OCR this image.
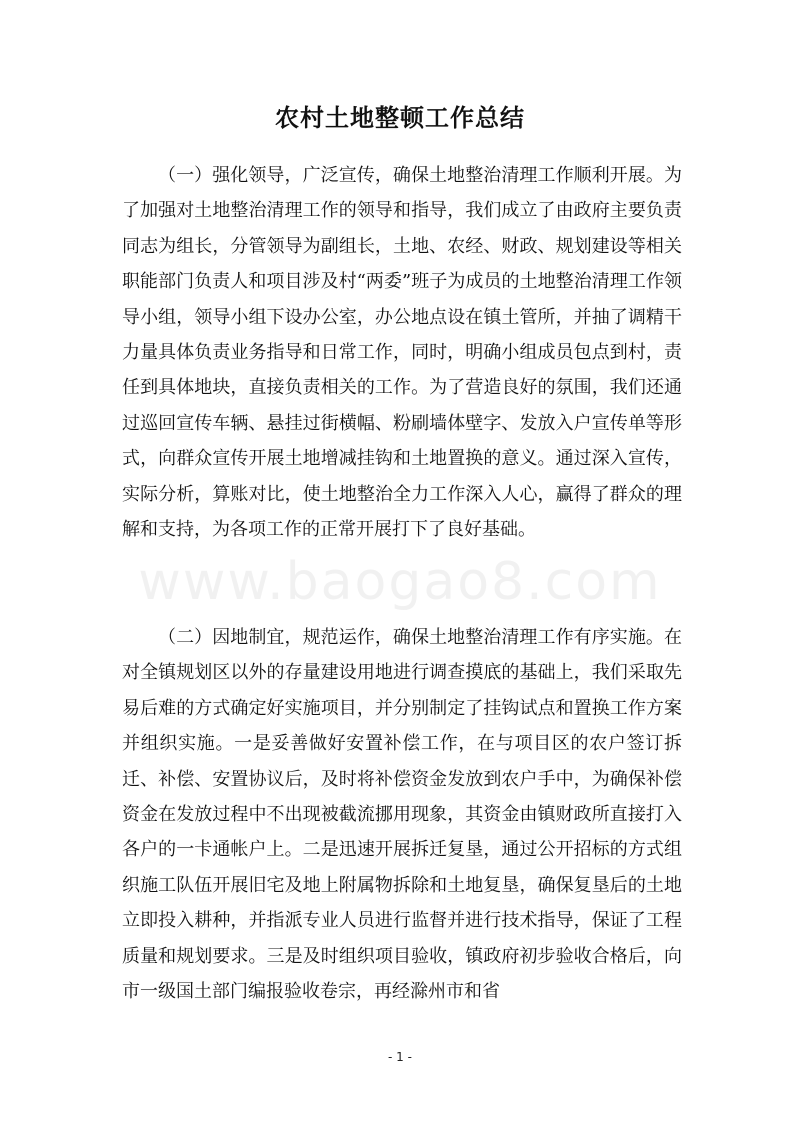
农村土地整顿工作总结

（一）强化领导，广泛宣传，确保土地整治清理工作顺利开展。为了加强对土地整治清理工作的领导和指导，我们成立了由政府主要负责同志为组长，分管领导为副组长，土地、农经、财政、规划建设等相关职能部门负责人和项目涉及村“两委”班子为成员的土地整治清理工作领导小组，领导小组下设办公室，办公地点设在镇土管所，并抽了调精干力量具体负责业务指导和日常工作，同时，明确小组成员包点到村，责任到具体地块，直接负责相关的工作。为了营造良好的氛围，我们还通过巡回宣传车辆、悬挂过街横幅、粉刷墙体壁字、发放入户宣传单等形式，向群众宣传开展土地增减挂钩和土地置换的意义。通过深入宣传，实际分析，算账对比，使土地整治全力工作深入人心，赢得了群众的理解和支持，为各项工作的正常开展打下了良好基础。

www.baogao8.com

（二）因地制宜，规范运作，确保土地整治清理工作有序实施。在对全镇规划区以外的存量建设用地进行调查摸底的基础上，我们采取先易后难的方式确定好实施项目，并分别制定了挂钩试点和置换工作方案并组织实施。一是妥善做好安置补偿工作，在与项目区的农户签订拆迁、补偿、安置协议后，及时将补偿资金发放到农户手中，为确保补偿资金在发放过程中不出现被截流挪用现象，其资金由镇财政所直接打入各户的一卡通帐户上。二是迅速开展拆迁复垦，通过公开招标的方式组织施工队伍开展旧宅及地上附属物拆除和土地复垦，确保复垦后的土地立即投入耕种，并指派专业人员进行监督并进行技术指导，保证了工程质量和规划要求。三是及时组织项目验收，镇政府初步验收合格后，向市一级国土部门编报验收卷宗，再经滁州市和省

- 1 -
